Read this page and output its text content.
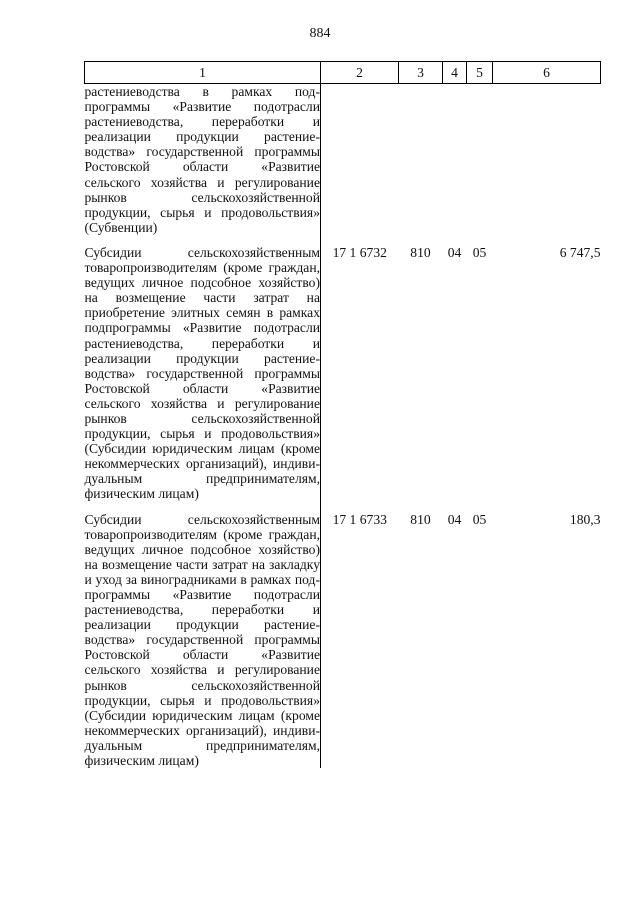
884
1	2	3	4	5	6
растениеводства в рамках подпрограммы «Развитие подотрасли растениеводства, переработки и реализации продукции растениеводства» государственной программы Ростовской области «Развитие сельского хозяйства и регулирование рынков сельскохозяйственной продукции, сырья и продовольствия» (Субвенции)					

Субсидии сельскохозяйственным товаропроизводителям (кроме граждан, ведущих личное подсобное хозяйство) на возмещение части затрат на приобретение элитных семян в рамках подпрограммы «Развитие подотрасли растениеводства, переработки и реализации продукции растениеводства» государственной программы Ростовской области «Развитие сельского хозяйства и регулирование рынков сельскохозяйственной продукции, сырья и продовольствия» (Субсидии юридическим лицам (кроме некоммерческих организаций), индивидуальным предпринимателям, физическим лицам)	17 1 6732	810	04	05	6 747,5

Субсидии сельскохозяйственным товаропроизводителям (кроме граждан, ведущих личное подсобное хозяйство) на возмещение части затрат на закладку и уход за виноградниками в рамках подпрограммы «Развитие подотрасли растениеводства, переработки и реализации продукции растениеводства» государственной программы Ростовской области «Развитие сельского хозяйства и регулирование рынков сельскохозяйственной продукции, сырья и продовольствия» (Субсидии юридическим лицам (кроме некоммерческих организаций), индивидуальным предпринимателям, физическим лицам)	17 1 6733	810	04	05	180,3
